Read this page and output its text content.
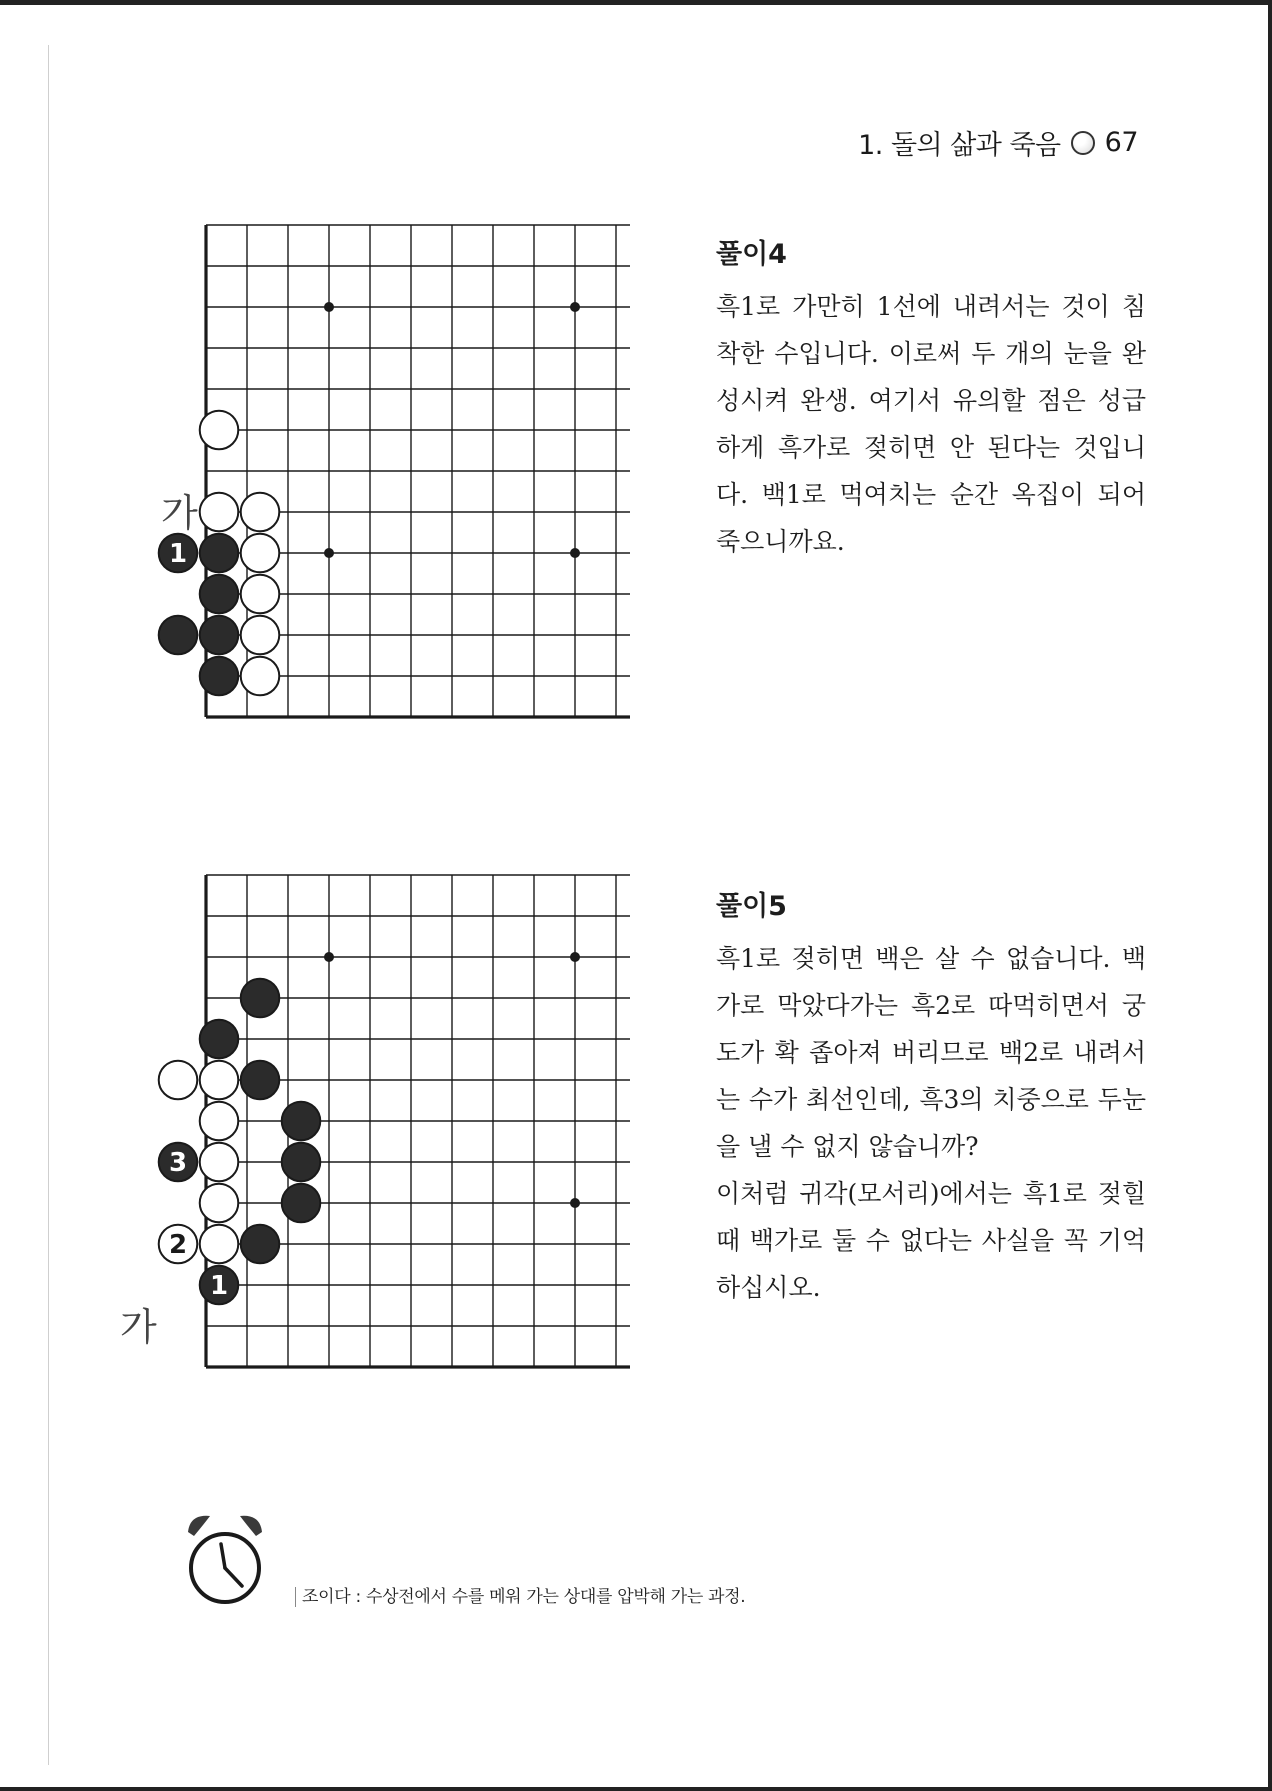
1. 돌의 삶과 죽음 67
1
가
풀이4
흑1로 가만히 1선에 내려서는 것이 침착한 수입니다. 이로써 두 개의 눈을 완성시켜 완생. 여기서 유의할 점은 성급하게 흑가로 젖히면 안 된다는 것입니다. 백1로 먹여치는 순간 옥집이 되어 죽으니까요.
3
2
1
가
풀이5

흑1로 젖히면 백은 살 수 없습니다. 백가로 막았다가는 흑2로 따먹히면서 궁도가 확 좁아져 버리므로 백2로 내려서는 수가 최선인데, 흑3의 치중으로 두눈을 낼 수 없지 않습니까?

이처럼 귀각(모서리)에서는 흑1로 젖힐 때 백가로 둘 수 없다는 사실을 꼭 기억하십시오.

조이다 : 수상전에서 수를 메워 가는 상대를 압박해 가는 과정.
